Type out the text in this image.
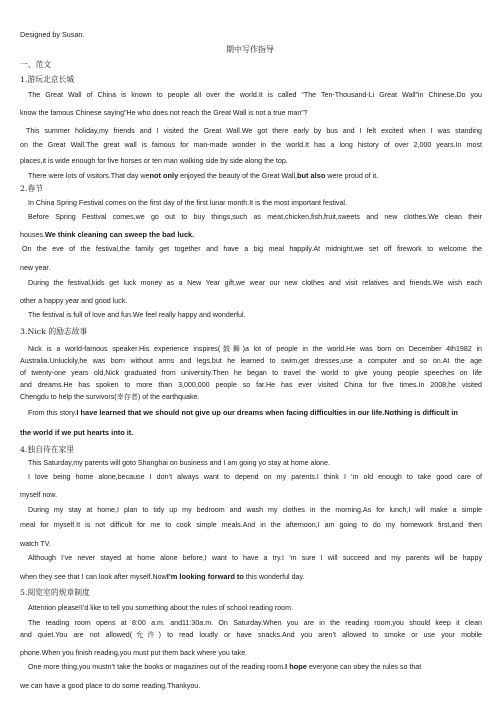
Designed by Susan.
期中写作指导
一、范文
1.游玩北京长城
The Great Wall of China is known to people all over the world.It is called “The Ten-Thousand-Li Great Wall”in Chinese.Do you
know the famous Chinese saying”He who does not reach the Great Wall is not a true man”?
This summer holiday,my friends and I visited the Great Wall.We got there early by bus and I felt excited when I was standing
on the Great Wall.The great wall is famous for man-made wonder in the world.It has a long history of over 2,000 years.In most
places,it is wide enough for five horses or ten man walking side by side along the top.
There were lots of visitors.That day wenot only enjoyed the beauty of the Great Wall,but also were proud of it.
2.春节
In China Spring Festival comes on the first day of the first lunar month.It is the most important festival.
Before Spring Festival comes,we go out to buy things,such as meat,chicken,fish,fruit,sweets and new clothes.We clean their
houses.We think cleaning can sweep the bad luck.
On the eve of the festival,the family get together and have a big meal happily.At midnight,we set off firework to welcome the
new year.
During the festival,kids get luck money as a New Year gift,we wear our new clothes and visit relatives and friends.We wish each
other a happy year and good luck.
The festival is full of love and fun.We feel really happy and wonderful.
3.Nick 的励志故事
Nick is a world-famous speaker.His experience inspires(鼓舞)a lot of people in the world.He was born on December 4th1982 in
Australia.Unluckily,he was born without arms and legs,but he learned to swim,get dresses,use a computer and so on.At the age
of twenty-one years old,Nick graduated from university.Then he began to travel the world to give young people speeches on life
and dreams.He has spoken to more than 3,000,000 people so far.He has ever visited China for five times.In 2008,he visited
Chengdu to help the survivors(幸存者) of the earthquake.
From this story.I have learned that we should not give up our dreams when facing difficulties in our life.Nothing is difficult in
the world if we put hearts into it.
4.独自待在家里
This Saturday,my parents will goto Shanghai on business and I am going yo stay at home alone.
I love being home alone,because I don’t always want to depend on my parents.I think I ’m old enough to take good care of
myself now.
During my stay at home,I plan to tidy up my bedroom and wash my clothes in the morning.As for lunch,I will make a simple
meal for myself.It is not difficult for me to cook simple meals.And in the afternoon,I am going to do my homework first,and then
watch TV.
Although I’ve never stayed at home alone before,I want to have a try.I ’m sure I will succeed and my parents will be happy
when they see that I can look after myself.NowI’m looking forward to this wonderful day.
5.阅览室的规章制度
Attention please!I’d like to tell you something about the rules of school reading room.
The reading room opens at 8:00 a.m. and11:30a.m. On Saturday.When you are in the reading room,you should keep it clean
and quiet.You are not allowed(允许) to read loudly or have snacks.And you aren’t allowed to smoke or use your mobile
phone.When you finish reading,you must put them back where you take.
One more thing,you mustn’t take the books or magazines out of the reading room.I hope everyone can obey the rules so that
we can have a good place to do some reading.Thankyou.
